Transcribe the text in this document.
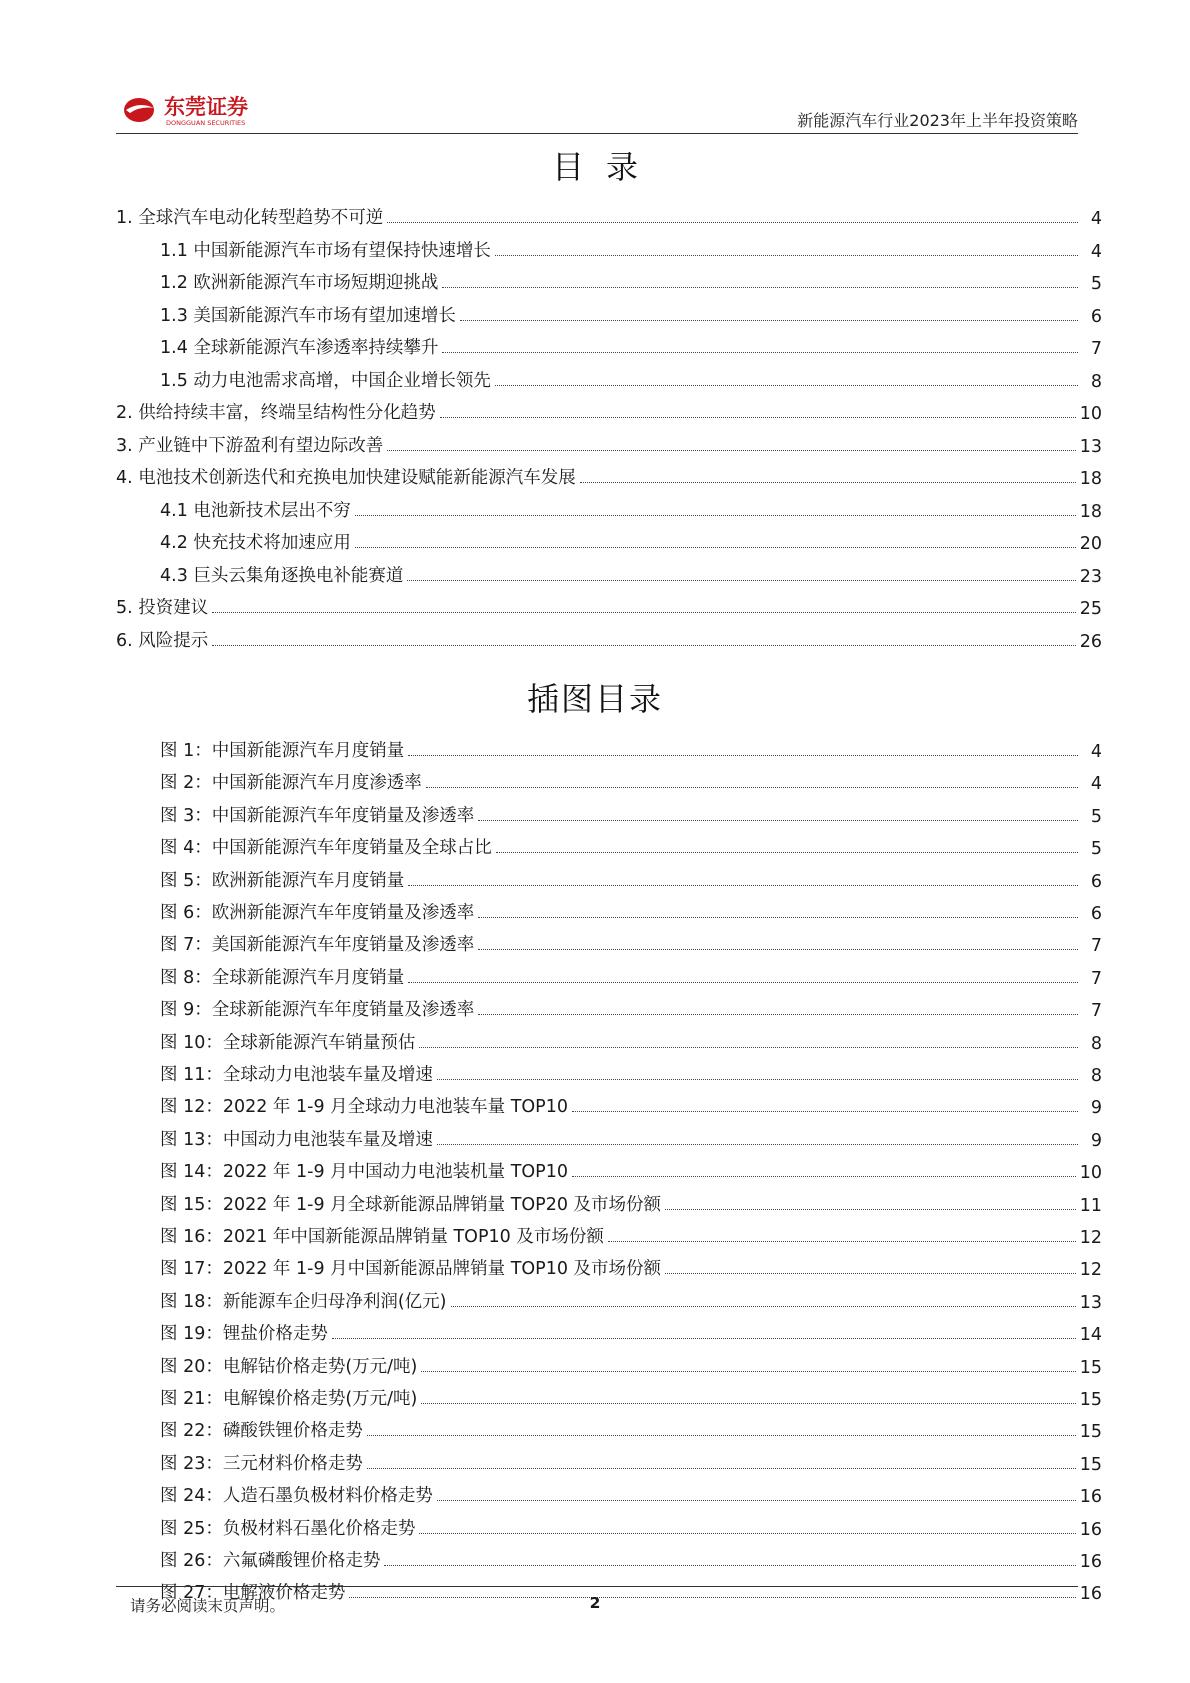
东莞证券
DONGGUAN SECURITIES	新能源汽车行业2023年上半年投资策略
目录
1. 全球汽车电动化转型趋势不可逆	4
1.1 中国新能源汽车市场有望保持快速增长	4
1.2 欧洲新能源汽车市场短期迎挑战	5
1.3 美国新能源汽车市场有望加速增长	6
1.4 全球新能源汽车渗透率持续攀升	7
1.5 动力电池需求高增，中国企业增长领先	8
2. 供给持续丰富，终端呈结构性分化趋势	10
3. 产业链中下游盈利有望边际改善	13
4. 电池技术创新迭代和充换电加快建设赋能新能源汽车发展	18
4.1 电池新技术层出不穷	18
4.2 快充技术将加速应用	20
4.3 巨头云集角逐换电补能赛道	23
5. 投资建议	25
6. 风险提示	26
插图目录
图 1：中国新能源汽车月度销量	4
图 2：中国新能源汽车月度渗透率	4
图 3：中国新能源汽车年度销量及渗透率	5
图 4：中国新能源汽车年度销量及全球占比	5
图 5：欧洲新能源汽车月度销量	6
图 6：欧洲新能源汽车年度销量及渗透率	6
图 7：美国新能源汽车年度销量及渗透率	7
图 8：全球新能源汽车月度销量	7
图 9：全球新能源汽车年度销量及渗透率	7
图 10：全球新能源汽车销量预估	8
图 11：全球动力电池装车量及增速	8
图 12：2022 年 1-9 月全球动力电池装车量 TOP10	9
图 13：中国动力电池装车量及增速	9
图 14：2022 年 1-9 月中国动力电池装机量 TOP10	10
图 15：2022 年 1-9 月全球新能源品牌销量 TOP20 及市场份额	11
图 16：2021 年中国新能源品牌销量 TOP10 及市场份额	12
图 17：2022 年 1-9 月中国新能源品牌销量 TOP10 及市场份额	12
图 18：新能源车企归母净利润(亿元)	13
图 19：锂盐价格走势	14
图 20：电解钴价格走势(万元/吨)	15
图 21：电解镍价格走势(万元/吨)	15
图 22：磷酸铁锂价格走势	15
图 23：三元材料价格走势	15
图 24：人造石墨负极材料价格走势	16
图 25：负极材料石墨化价格走势	16
图 26：六氟磷酸锂价格走势	16
图 27：电解液价格走势	16
请务必阅读末页声明。	2
